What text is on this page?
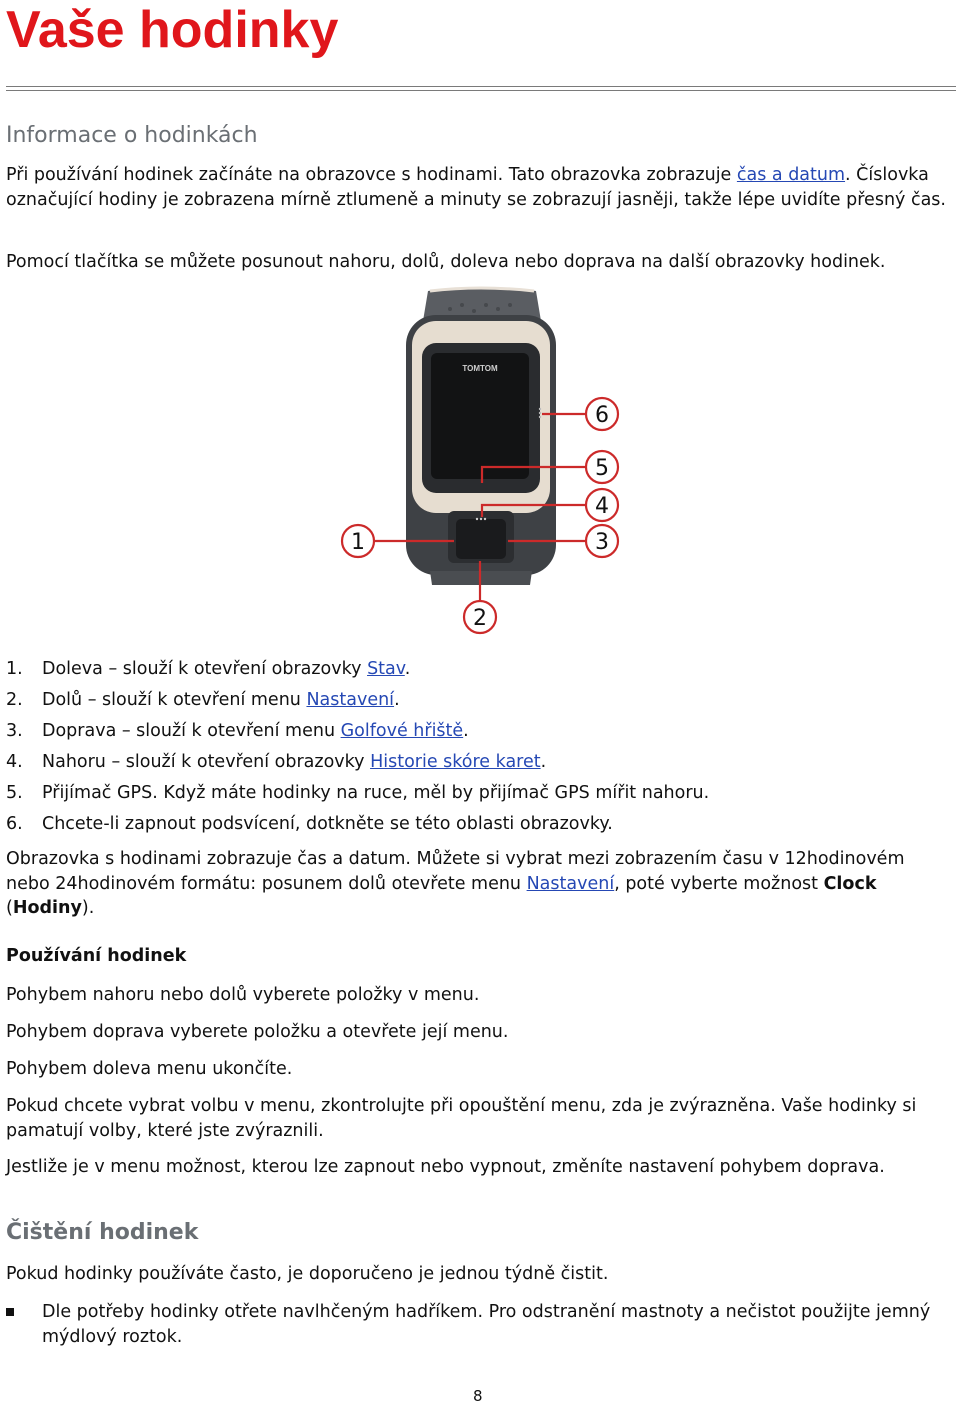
Vaše hodinky
Informace o hodinkách

Při používání hodinek začínáte na obrazovce s hodinami. Tato obrazovka zobrazuje čas a datum. Číslovka označující hodiny je zobrazena mírně ztlumeně a minuty se zobrazují jasněji, takže lépe uvidíte přesný čas.

Pomocí tlačítka se můžete posunout nahoru, dolů, doleva nebo doprava na další obrazovky hodinek.

TOMTOM
6
5
4
3
1
2
1. Doleva – slouží k otevření obrazovky Stav.
2. Dolů – slouží k otevření menu Nastavení.
3. Doprava – slouží k otevření menu Golfové hřiště.
4. Nahoru – slouží k otevření obrazovky Historie skóre karet.
5. Přijímač GPS. Když máte hodinky na ruce, měl by přijímač GPS mířit nahoru.
6. Chcete-li zapnout podsvícení, dotkněte se této oblasti obrazovky.

Obrazovka s hodinami zobrazuje čas a datum. Můžete si vybrat mezi zobrazením času v 12hodinovém nebo 24hodinovém formátu: posunem dolů otevřete menu Nastavení, poté vyberte možnost Clock (Hodiny).

Používání hodinek

Pohybem nahoru nebo dolů vyberete položky v menu.

Pohybem doprava vyberete položku a otevřete její menu.

Pohybem doleva menu ukončíte.

Pokud chcete vybrat volbu v menu, zkontrolujte při opouštění menu, zda je zvýrazněna. Vaše hodinky si pamatují volby, které jste zvýraznili.

Jestliže je v menu možnost, kterou lze zapnout nebo vypnout, změníte nastavení pohybem doprava.

Čištění hodinek

Pokud hodinky používáte často, je doporučeno je jednou týdně čistit.

Dle potřeby hodinky otřete navlhčeným hadříkem. Pro odstranění mastnoty a nečistot použijte jemný mýdlový roztok.
8
